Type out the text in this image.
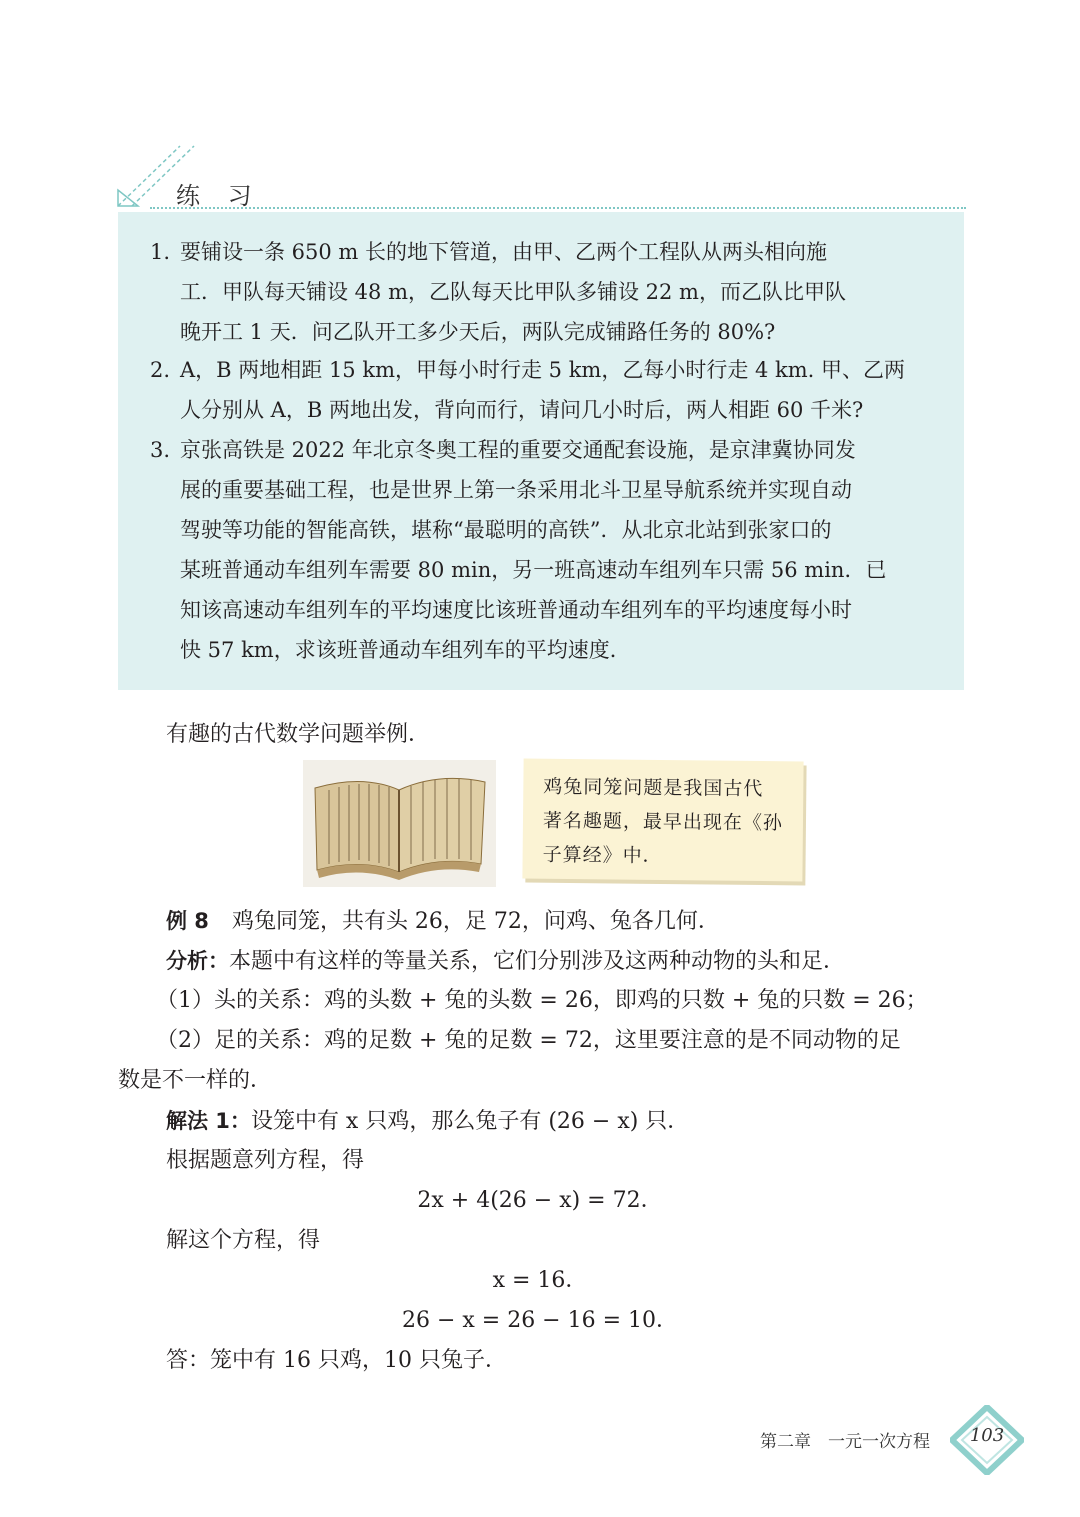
练 习
1. 要铺设一条 650 m 长的地下管道，由甲、乙两个工程队从两头相向施
工．甲队每天铺设 48 m，乙队每天比甲队多铺设 22 m，而乙队比甲队
晚开工 1 天．问乙队开工多少天后，两队完成铺路任务的 80%?
2. A，B 两地相距 15 km，甲每小时行走 5 km，乙每小时行走 4 km. 甲、乙两
人分别从 A，B 两地出发，背向而行，请问几小时后，两人相距 60 千米?
3. 京张高铁是 2022 年北京冬奥工程的重要交通配套设施，是京津冀协同发
展的重要基础工程，也是世界上第一条采用北斗卫星导航系统并实现自动
驾驶等功能的智能高铁，堪称“最聪明的高铁”．从北京北站到张家口的
某班普通动车组列车需要 80 min，另一班高速动车组列车只需 56 min．已
知该高速动车组列车的平均速度比该班普通动车组列车的平均速度每小时
快 57 km，求该班普通动车组列车的平均速度．
有趣的古代数学问题举例．
鸡兔同笼问题是我国古代
著名趣题，最早出现在《孙
子算经》中．
例 8 鸡兔同笼，共有头 26，足 72，问鸡、兔各几何．
分析：本题中有这样的等量关系，它们分别涉及这两种动物的头和足．
（1）头的关系：鸡的头数 + 兔的头数 = 26，即鸡的只数 + 兔的只数 = 26；
（2）足的关系：鸡的足数 + 兔的足数 = 72，这里要注意的是不同动物的足
数是不一样的．
解法 1：设笼中有 x 只鸡，那么兔子有 (26 − x) 只．
根据题意列方程，得
2x + 4(26 − x) = 72．
解这个方程，得
x = 16．
26 − x = 26 − 16 = 10．
答：笼中有 16 只鸡，10 只兔子．
第二章　一元一次方程	103
